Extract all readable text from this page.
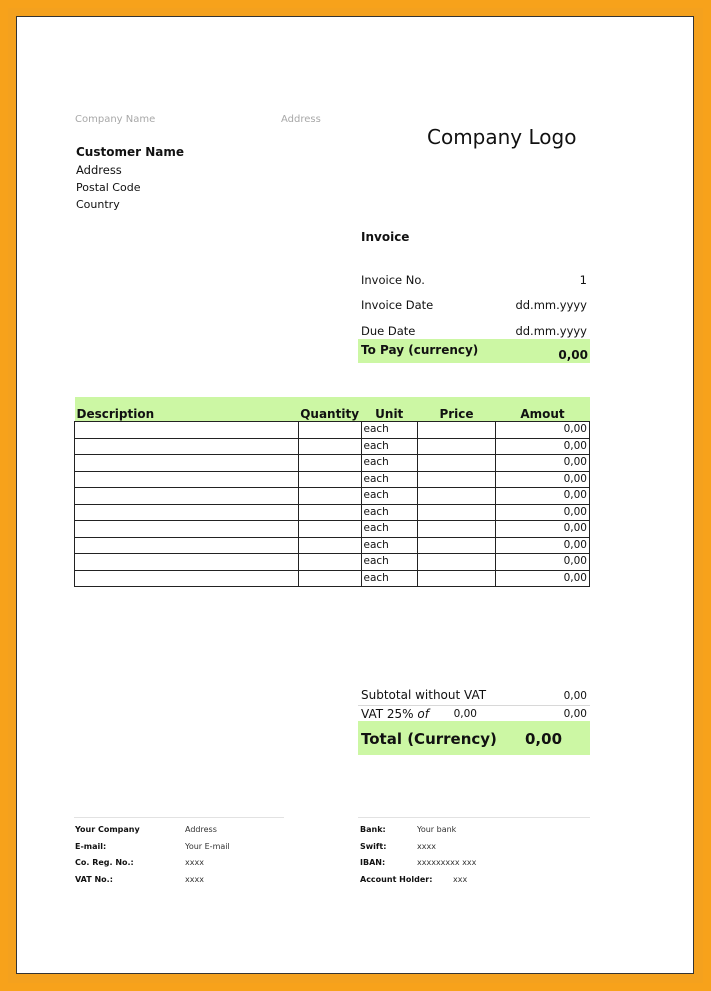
Company Name	Address
Company Logo
Customer Name
Address
Postal Code
Country
Invoice
Invoice No.	1
Invoice Date	dd.mm.yyyy
Due Date	dd.mm.yyyy
To Pay (currency)	0,00
Description	Quantity	Unit	Price	Amout
		each		0,00
		each		0,00
		each		0,00
		each		0,00
		each		0,00
		each		0,00
		each		0,00
		each		0,00
		each		0,00
		each		0,00
Subtotal without VAT	0,00
VAT 25% of	0,00	0,00
Total (Currency) 0,00
Your Company	Address
E-mail:	Your E-mail
Co. Reg. No.:	xxxx
VAT No.:	xxxx
Bank:	Your bank
Swift:	xxxx
IBAN:	xxxxxxxxx xxx
Account Holder:	xxx
